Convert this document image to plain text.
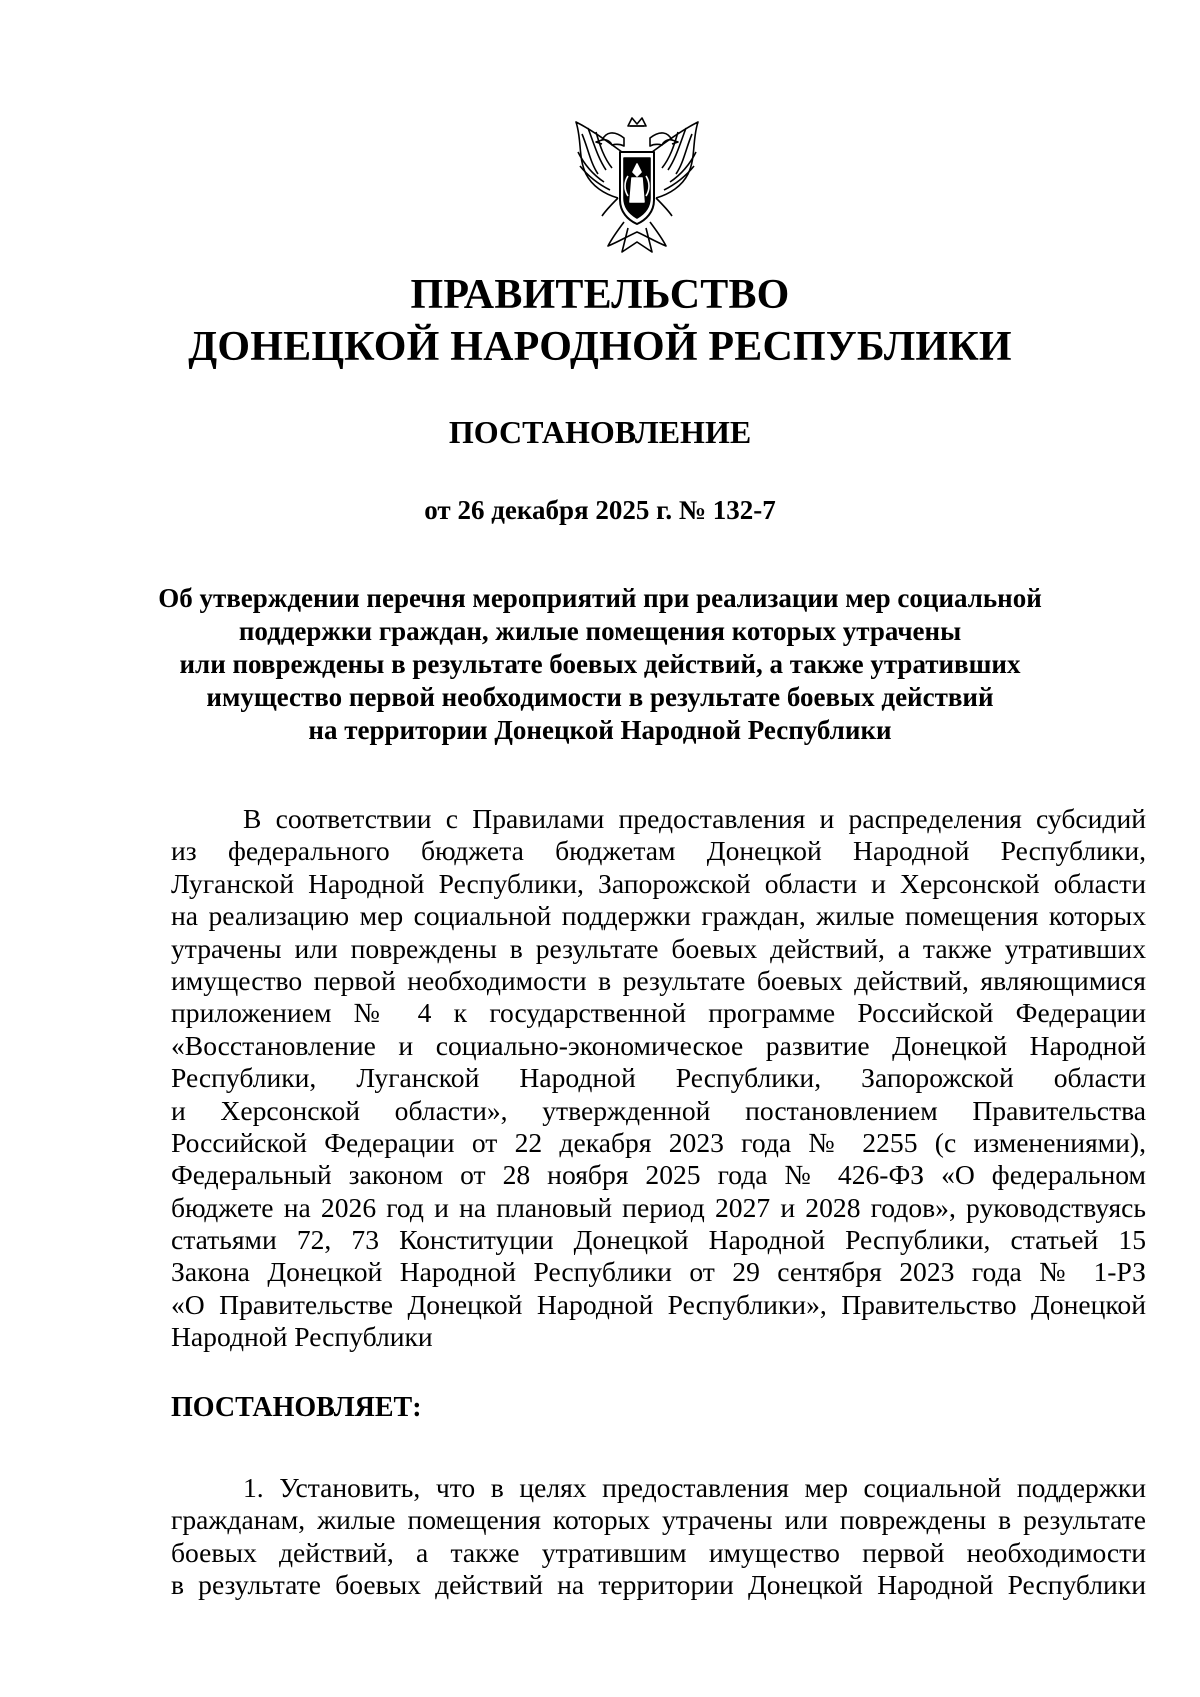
ПРАВИТЕЛЬСТВО
ДОНЕЦКОЙ НАРОДНОЙ РЕСПУБЛИКИ
ПОСТАНОВЛЕНИЕ
от 26 декабря 2025 г. № 132-7
Об утверждении перечня мероприятий при реализации мер социальной
поддержки граждан, жилые помещения которых утрачены
или повреждены в результате боевых действий, а также утративших
имущество первой необходимости в результате боевых действий
на территории Донецкой Народной Республики
В соответствии с Правилами предоставления и распределения субсидий
из федерального бюджета бюджетам Донецкой Народной Республики,
Луганской Народной Республики, Запорожской области и Херсонской области
на реализацию мер социальной поддержки граждан, жилые помещения которых
утрачены или повреждены в результате боевых действий, а также утративших
имущество первой необходимости в результате боевых действий, являющимися
приложением № 4 к государственной программе Российской Федерации
«Восстановление и социально-экономическое развитие Донецкой Народной
Республики, Луганской Народной Республики, Запорожской области
и Херсонской области», утвержденной постановлением Правительства
Российской Федерации от 22 декабря 2023 года № 2255 (с изменениями),
Федеральный законом от 28 ноября 2025 года № 426-ФЗ «О федеральном
бюджете на 2026 год и на плановый период 2027 и 2028 годов», руководствуясь
статьями 72, 73 Конституции Донецкой Народной Республики, статьей 15
Закона Донецкой Народной Республики от 29 сентября 2023 года № 1-РЗ
«О Правительстве Донецкой Народной Республики», Правительство Донецкой
Народной Республики
ПОСТАНОВЛЯЕТ:
1. Установить, что в целях предоставления мер социальной поддержки
гражданам, жилые помещения которых утрачены или повреждены в результате
боевых действий, а также утратившим имущество первой необходимости
в результате боевых действий на территории Донецкой Народной Республики
